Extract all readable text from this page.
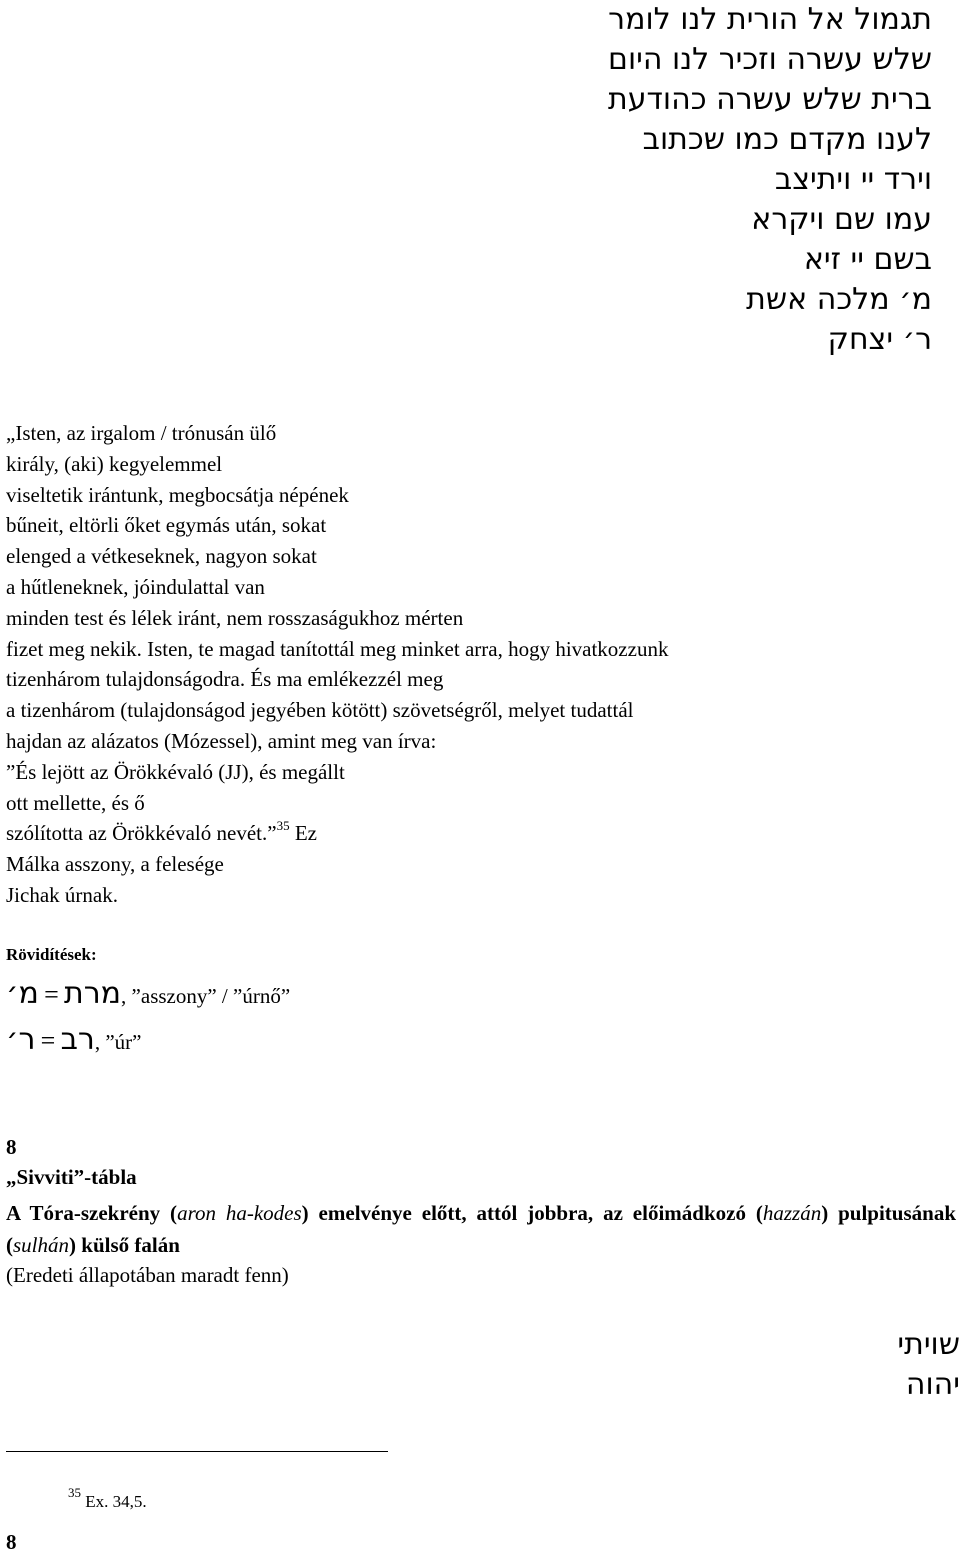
תגמול אל הורית לנו לומר

שלש עשרה וזכיר לנו היום

ברית שלש עשרה כהודעת

לענו מקדם כמו שכתוב

וירד יי ויתיצב

עמו שם ויקרא

בשם יי זיא

מ׳ מלכה אשת

ר׳ יצחק

„Isten, az irgalom / trónusán ülő

király, (aki) kegyelemmel

viseltetik irántunk, megbocsátja népének

bűneit, eltörli őket egymás után, sokat

elenged a vétkeseknek, nagyon sokat

a hűtleneknek, jóindulattal van

minden test és lélek iránt, nem rosszaságukhoz mérten

fizet meg nekik. Isten, te magad tanítottál meg minket arra, hogy hivatkozzunk

tizenhárom tulajdonságodra. És ma emlékezzél meg

a tizenhárom (tulajdonságod jegyében kötött) szövetségről, melyet tudattál

hajdan az alázatos (Mózessel), amint meg van írva:

”És lejött az Örökkévaló (JJ), és megállt

ott mellette, és ő

szólította az Örökkévaló nevét.”$^{35}$ Ez

Málka asszony, a felesége

Jichak úrnak.

Rövidítések:
מ׳ = מרת, ”asszony” / ”úrnő”
ר׳ = רב, ”úr”
8
„Sivviti”-tábla
A Tóra-szekrény (aron ha-kodes) emelvénye előtt, attól jobbra, az előimádkozó (hazzán) pulpitusának (sulhán) külső falán
(Eredeti állapotában maradt fenn)

שויתי

יהוה

$^{35}$ Ex. 34,5.
8
